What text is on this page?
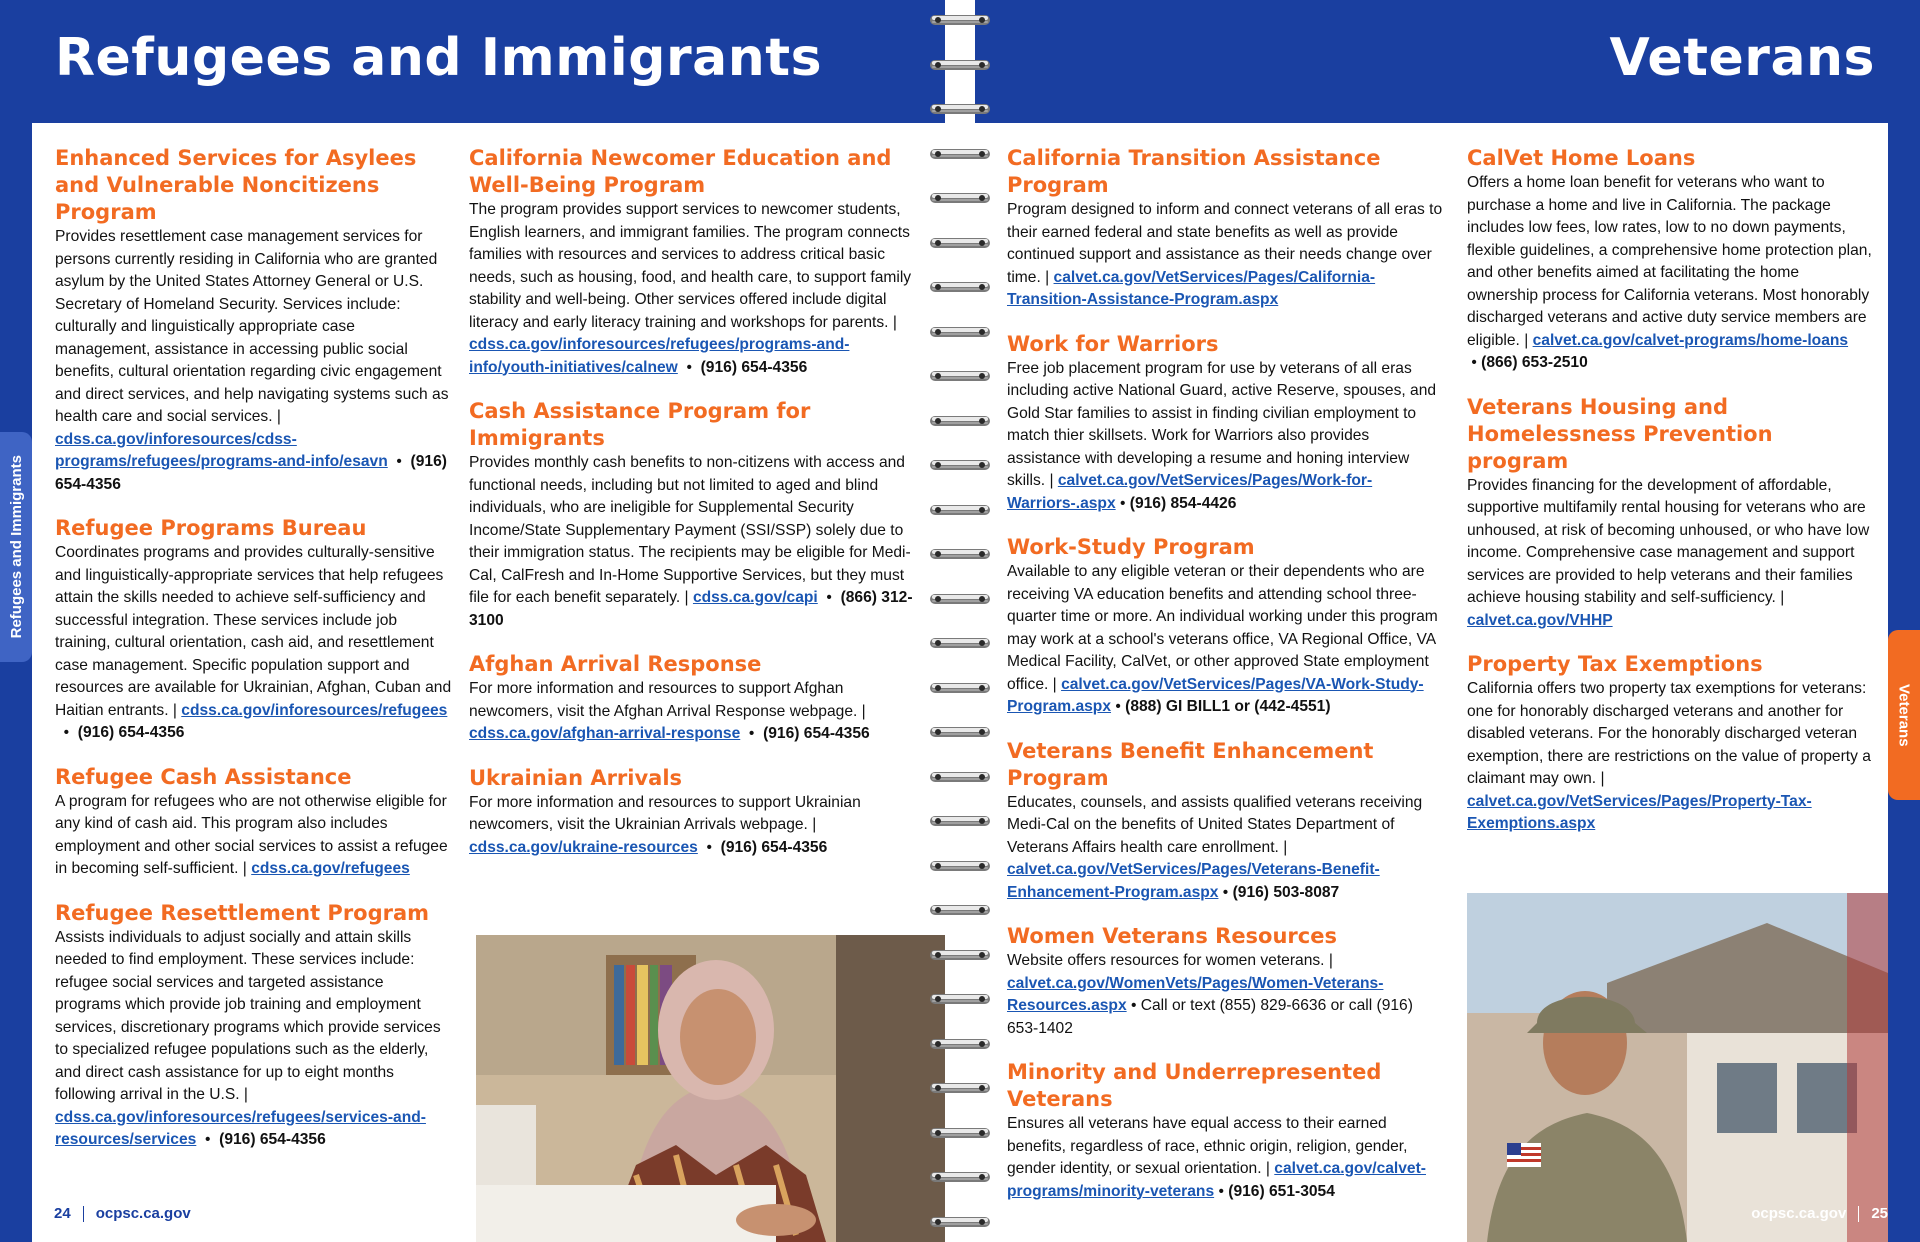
Refugees and Immigrants
Refugees and Immigrants
Enhanced Services for Asylees and Vulnerable Noncitizens Program
Provides resettlement case management services for persons currently residing in California who are granted asylum by the United States Attorney General or U.S. Secretary of Homeland Security. Services include: culturally and linguistically appropriate case management, assistance in accessing public social benefits, cultural orientation regarding civic engagement and direct services, and help navigating systems such as health care and social services. | cdss.ca.gov/inforesources/cdss-programs/refugees/programs-and-info/esavn  •  (916) 654-4356
Refugee Programs Bureau
Coordinates programs and provides culturally-sensitive and linguistically-appropriate services that help refugees attain the skills needed to achieve self-sufficiency and successful integration. These services include job training, cultural orientation, cash aid, and resettlement case management. Specific population support and resources are available for Ukrainian, Afghan, Cuban and Haitian entrants. | cdss.ca.gov/inforesources/refugees  •  (916) 654-4356
Refugee Cash Assistance
A program for refugees who are not otherwise eligible for any kind of cash aid. This program also includes employment and other social services to assist a refugee in becoming self-sufficient. | cdss.ca.gov/refugees
Refugee Resettlement Program
Assists individuals to adjust socially and attain skills needed to find employment. These services include: refugee social services and targeted assistance programs which provide job training and employment services, discretionary programs which provide services to specialized refugee populations such as the elderly, and direct cash assistance for up to eight months following arrival in the U.S. | cdss.ca.gov/inforesources/refugees/services-and-resources/services  •  (916) 654-4356
California Newcomer Education and Well-Being Program
The program provides support services to newcomer students, English learners, and immigrant families. The program connects families with resources and services to address critical basic needs, such as housing, food, and health care, to support family stability and well-being. Other services offered include digital literacy and early literacy training and workshops for parents. | cdss.ca.gov/inforesources/refugees/programs-and-info/youth-initiatives/calnew  •  (916) 654-4356
Cash Assistance Program for Immigrants
Provides monthly cash benefits to non-citizens with access and functional needs, including but not limited to aged and blind individuals, who are ineligible for Supplemental Security Income/State Supplementary Payment (SSI/SSP) solely due to their immigration status. The recipients may be eligible for Medi-Cal, CalFresh and In-Home Supportive Services, but they must file for each benefit separately. | cdss.ca.gov/capi  •  (866) 312-3100
Afghan Arrival Response
For more information and resources to support Afghan newcomers, visit the Afghan Arrival Response webpage. | cdss.ca.gov/afghan-arrival-response  •  (916) 654-4356
Ukrainian Arrivals
For more information and resources to support Ukrainian newcomers, visit the Ukrainian Arrivals webpage. | cdss.ca.gov/ukraine-resources  •  (916) 654-4356
24 ocpsc.ca.gov
Veterans
Veterans
California Transition Assistance Program
Program designed to inform and connect veterans of all eras to their earned federal and state benefits as well as provide continued support and assistance as their needs change over time. | calvet.ca.gov/VetServices/Pages/California-Transition-Assistance-Program.aspx
Work for Warriors
Free job placement program for use by veterans of all eras including active National Guard, active Reserve, spouses, and Gold Star families to assist in finding civilian employment to match thier skillsets. Work for Warriors also provides assistance with developing a resume and honing interview skills. | calvet.ca.gov/VetServices/Pages/Work-for-Warriors-.aspx • (916) 854-4426
Work-Study Program
Available to any eligible veteran or their dependents who are receiving VA education benefits and attending school three-quarter time or more. An individual working under this program may work at a school's veterans office, VA Regional Office, VA Medical Facility, CalVet, or other approved State employment office. | calvet.ca.gov/VetServices/Pages/VA-Work-Study-Program.aspx • (888) GI BILL1 or (442-4551)
Veterans Benefit Enhancement Program
Educates, counsels, and assists qualified veterans receiving Medi-Cal on the benefits of United States Department of Veterans Affairs health care enrollment. | calvet.ca.gov/VetServices/Pages/Veterans-Benefit-Enhancement-Program.aspx • (916) 503-8087
Women Veterans Resources
Website offers resources for women veterans. | calvet.ca.gov/WomenVets/Pages/Women-Veterans-Resources.aspx • Call or text (855) 829-6636 or call (916) 653-1402
Minority and Underrepresented Veterans
Ensures all veterans have equal access to their earned benefits, regardless of race, ethnic origin, religion, gender, gender identity, or sexual orientation. | calvet.ca.gov/calvet-programs/minority-veterans • (916) 651-3054
CalVet Home Loans
Offers a home loan benefit for veterans who want to purchase a home and live in California. The package includes low fees, low rates, low to no down payments, flexible guidelines, a comprehensive home protection plan, and other benefits aimed at facilitating the home ownership process for California veterans. Most honorably discharged veterans and active duty service members are eligible. | calvet.ca.gov/calvet-programs/home-loans • (866) 653-2510
Veterans Housing and Homelessness Prevention program
Provides financing for the development of affordable, supportive multifamily rental housing for veterans who are unhoused, at risk of becoming unhoused, or who have low income. Comprehensive case management and support services are provided to help veterans and their families achieve housing stability and self-sufficiency. | calvet.ca.gov/VHHP
Property Tax Exemptions
California offers two property tax exemptions for veterans: one for honorably discharged veterans and another for disabled veterans. For the honorably discharged veteran exemption, there are restrictions on the value of property a claimant may own. | calvet.ca.gov/VetServices/Pages/Property-Tax-Exemptions.aspx
ocpsc.ca.gov 25
